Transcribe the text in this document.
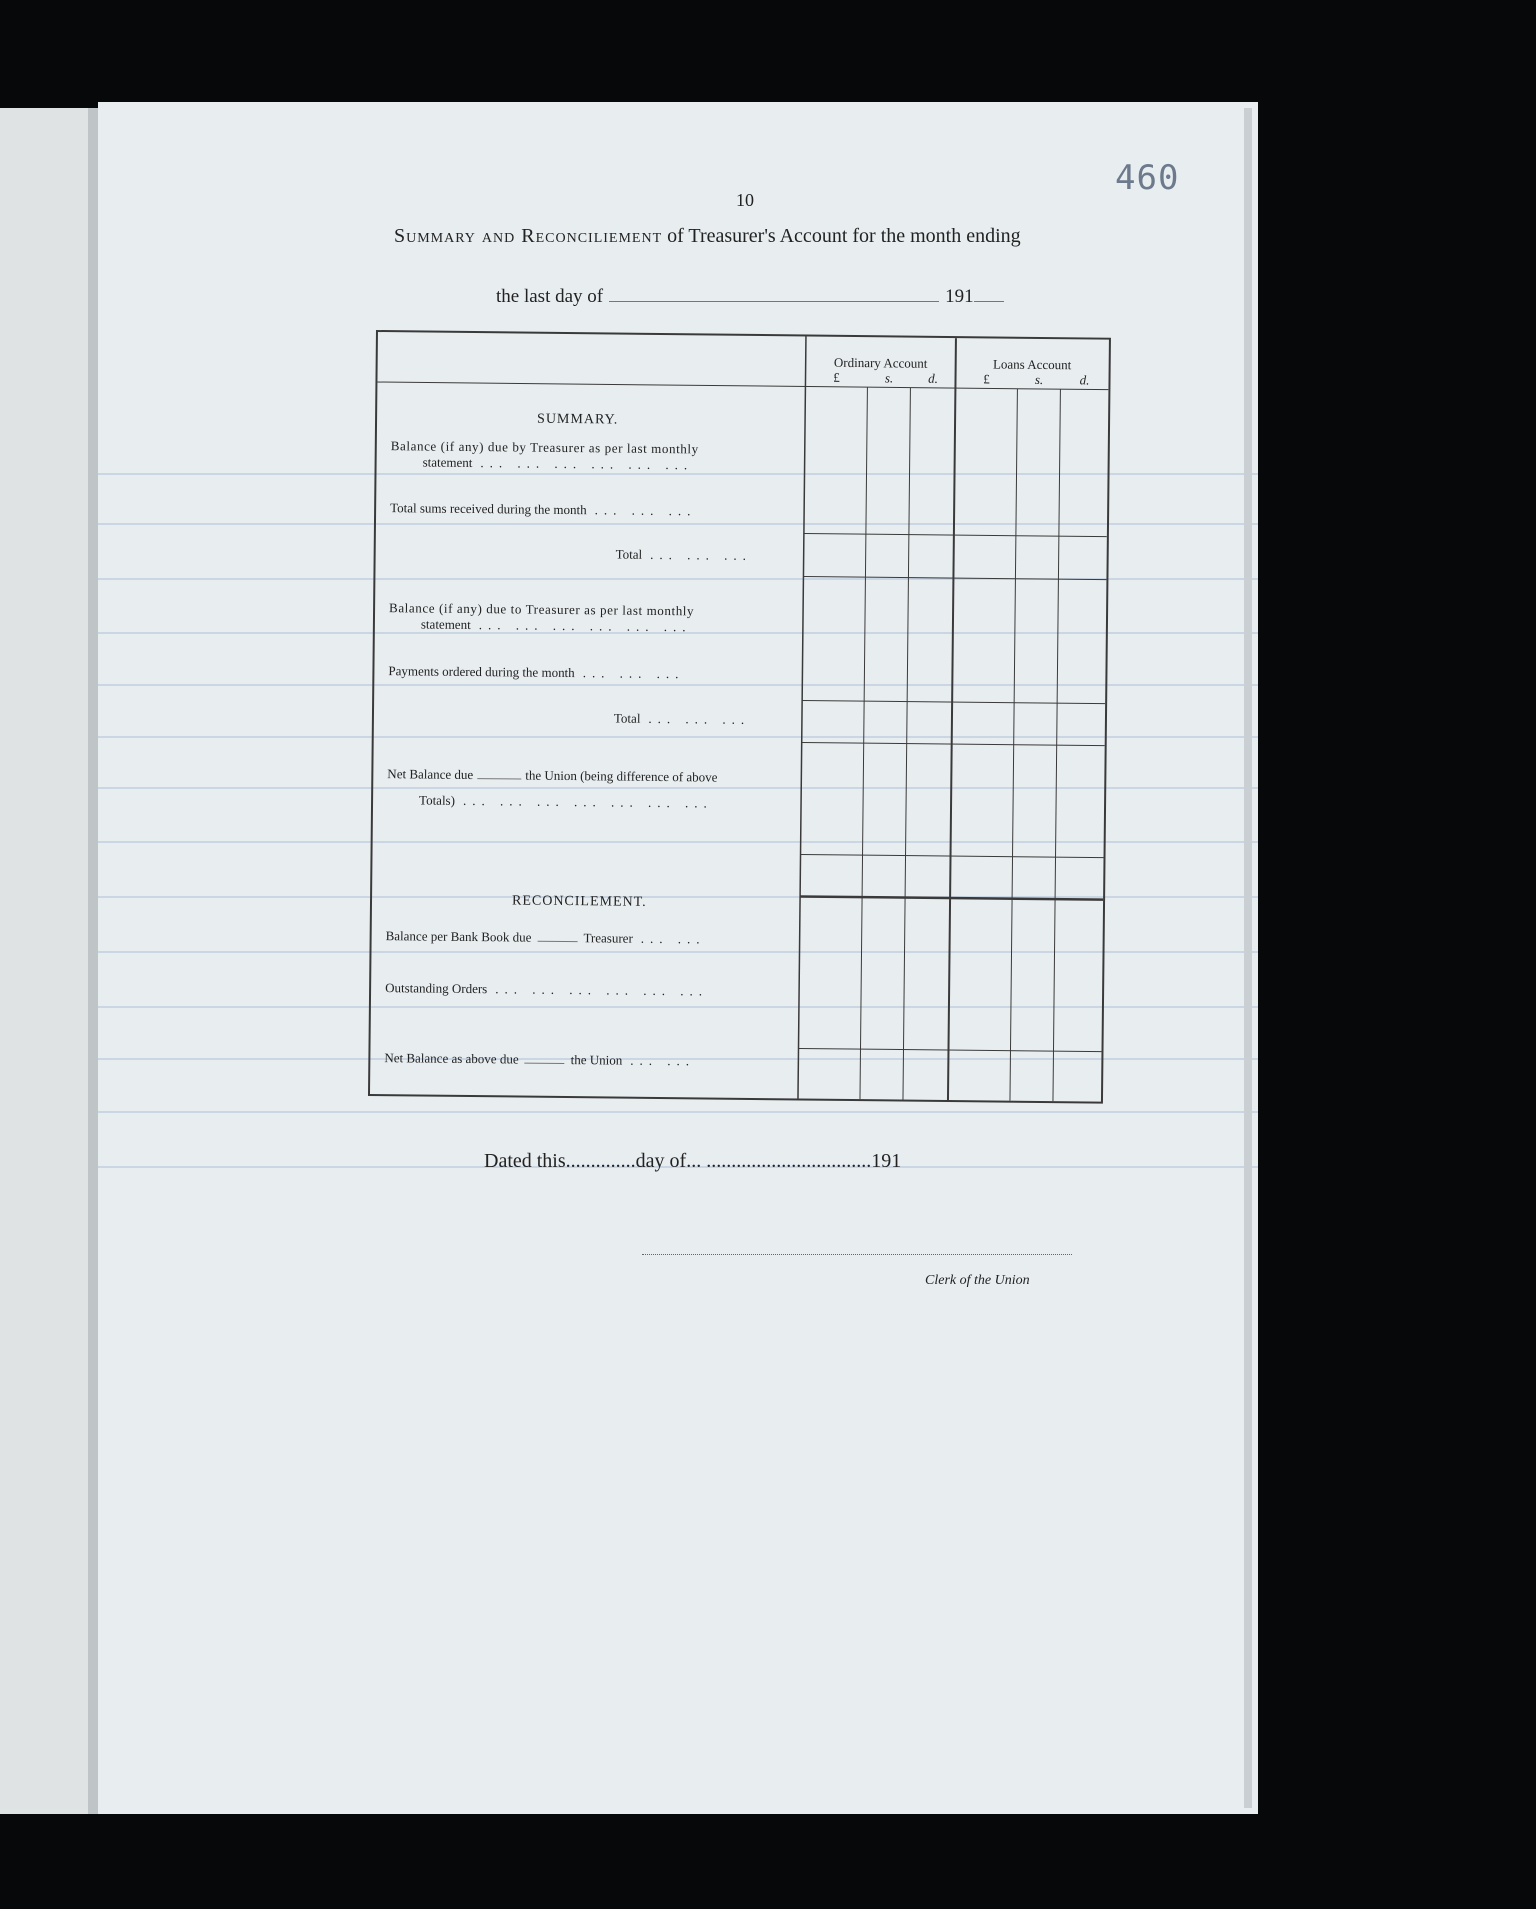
460
10
Summary and Reconciliement of Treasurer's Account for the month ending
the last day of	191
Ordinary Account	Loans Account
£	s.	d.	£	s.	d.
SUMMARY.
Balance (if any) due by Treasurer as per last monthly
statement ... ... ... ... ... ...
Total sums received during the month ... ... ...
Total ... ... ...
Balance (if any) due to Treasurer as per last monthly
statement ... ... ... ... ... ...
Payments ordered during the month ... ... ...
Total ... ... ...
Net Balance due	the Union (being difference of above
Totals) ... ... ... ... ... ... ...
RECONCILEMENT.
Balance per Bank Book due	Treasurer ... ...
Outstanding Orders ... ... ... ... ... ...
Net Balance as above due	the Union ... ...
Dated this..............day of... .................................191
Clerk of the Union
